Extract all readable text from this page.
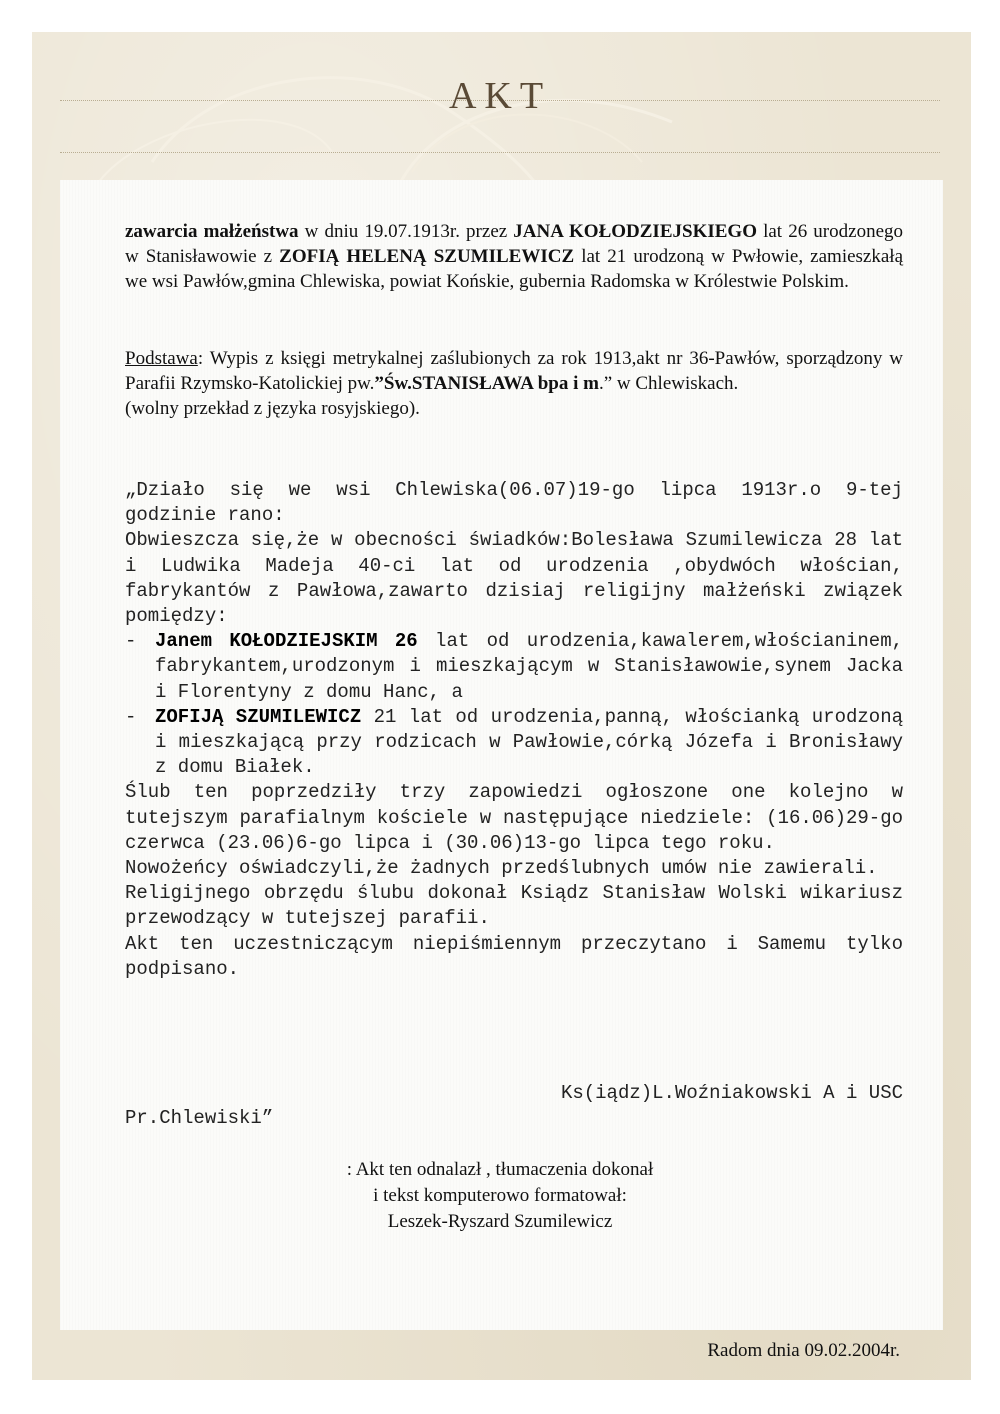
AKT

zawarcia małżeństwa w dniu 19.07.1913r. przez JANA KOŁODZIEJSKIEGO lat 26 urodzonego w Stanisławowie z ZOFIĄ HELENĄ SZUMILEWICZ lat 21 urodzoną w Pwłowie, zamieszkałą we wsi Pawłów,gmina Chlewiska, powiat Końskie, gubernia Radomska w Królestwie Polskim.

Podstawa: Wypis z księgi metrykalnej zaślubionych za rok 1913,akt nr 36-Pawłów, sporządzony w Parafii Rzymsko-Katolickiej pw.”Św.STANISŁAWA bpa i m.” w Chlewiskach.

(wolny przekład z języka rosyjskiego).

„Działo się we wsi Chlewiska(06.07)19-go lipca 1913r.o 9-tej godzinie rano:

Obwieszcza się,że w obecności świadków:Bolesława Szumilewicza 28 lat i Ludwika Madeja 40-ci lat od urodzenia ,obydwóch włościan, fabrykantów z Pawłowa,zawarto dzisiaj religijny małżeński związek pomiędzy:

- Janem KOŁODZIEJSKIM 26 lat od urodzenia,kawalerem,włościaninem, fabrykantem,urodzonym i mieszkającym w Stanisławowie,synem Jacka i Florentyny z domu Hanc, a
- ZOFIJĄ SZUMILEWICZ 21 lat od urodzenia,panną, włościanką urodzoną i mieszkającą przy rodzicach w Pawłowie,córką Józefa i Bronisławy z domu Białek.

Ślub ten poprzedziły trzy zapowiedzi ogłoszone one kolejno w tutejszym parafialnym kościele w następujące niedziele: (16.06)29-go czerwca (23.06)6-go lipca i (30.06)13-go lipca tego roku.

Nowożeńcy oświadczyli,że żadnych przedślubnych umów nie zawierali.

Religijnego obrzędu ślubu dokonał Ksiądz Stanisław Wolski wikariusz przewodzący w tutejszej parafii.

Akt ten uczestniczącym niepiśmiennym przeczytano i Samemu tylko podpisano.

Ks(iądz)L.Woźniakowski A i USC
Pr.Chlewiski”
: Akt ten odnalazł , tłumaczenia dokonał
i tekst komputerowo formatował:
Leszek-Ryszard Szumilewicz
Radom dnia 09.02.2004r.
